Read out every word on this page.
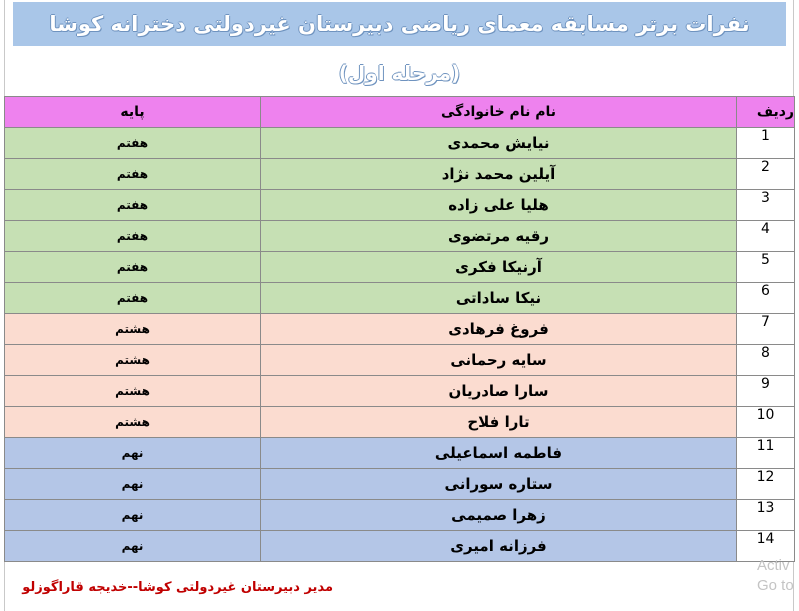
نفرات برتر مسابقه معمای ریاضی دبیرستان غیردولتی دخترانه کوشا
(مرحله اول)
پایه	نام نام خانوادگی	ردیف
هفتم	نیایش محمدی	1
هفتم	آیلین محمد نژاد	2
هفتم	هلیا علی زاده	3
هفتم	رقیه مرتضوی	4
هفتم	آرنیکا فکری	5
هفتم	نیکا ساداتی	6
هشتم	فروغ فرهادی	7
هشتم	سایه رحمانی	8
هشتم	سارا صادریان	9
هشتم	تارا فلاح	10
نهم	فاطمه اسماعیلی	11
نهم	ستاره سورانی	12
نهم	زهرا صمیمی	13
نهم	فرزانه امیری	14
مدیر دبیرستان غیردولتی کوشا--خدیجه قاراگوزلو
Activ
Go to
